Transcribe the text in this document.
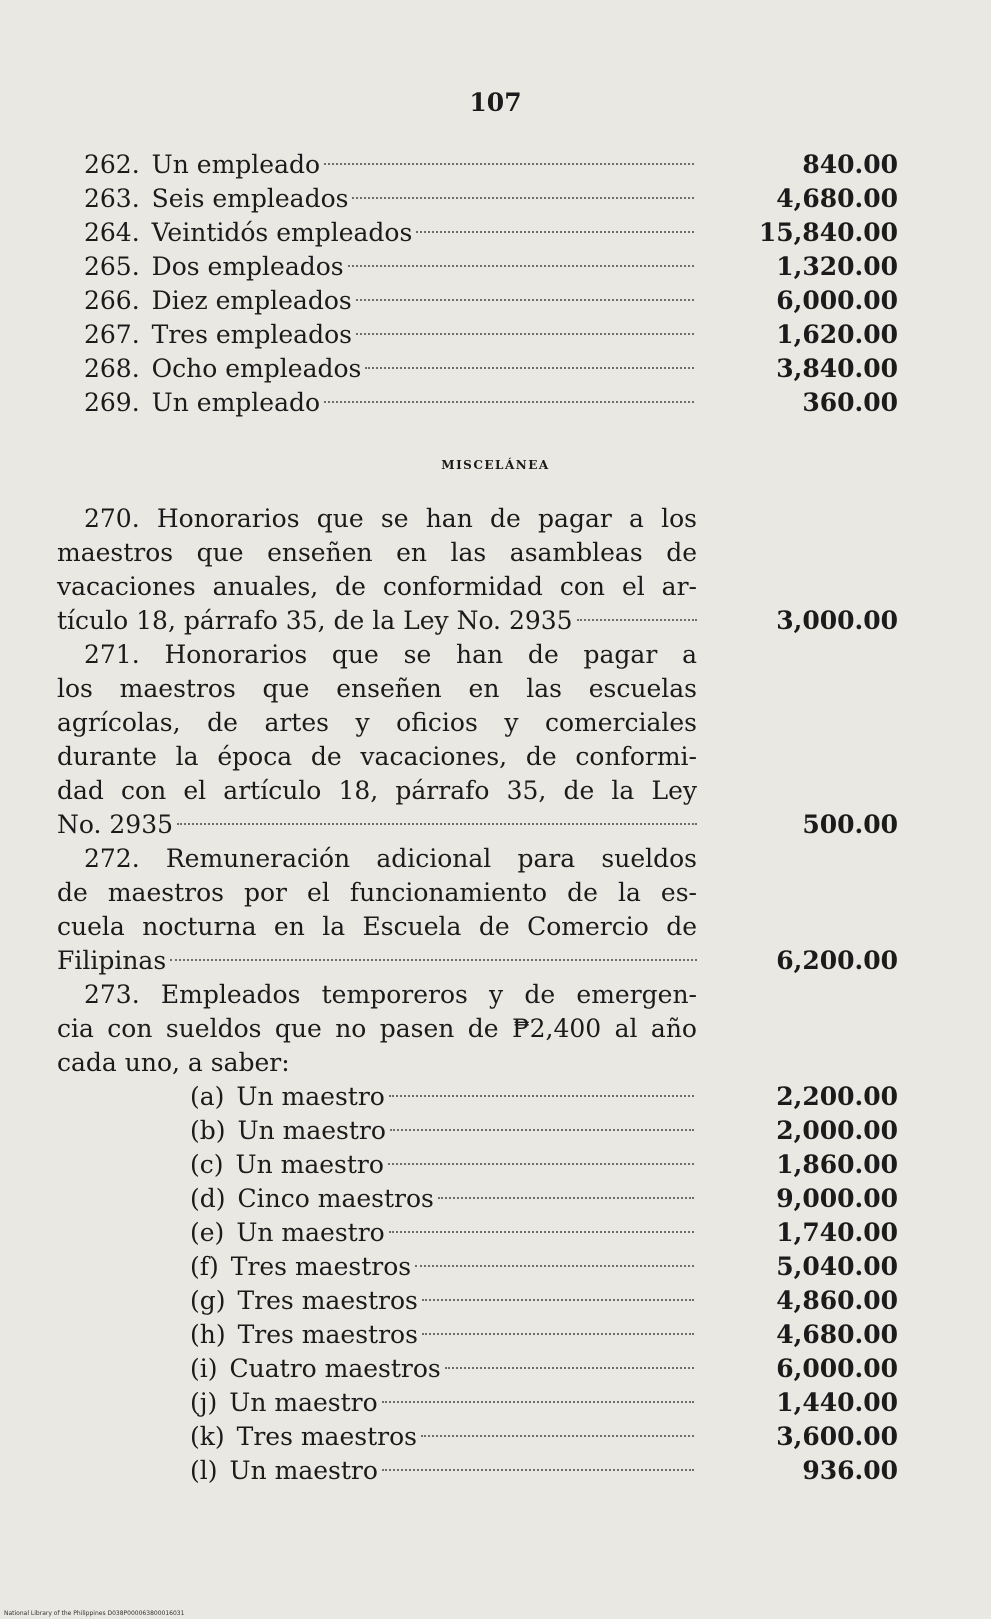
107
262. Un empleado	840.00
263. Seis empleados	4,680.00
264. Veintidós empleados	15,840.00
265. Dos empleados	1,320.00
266. Diez empleados	6,000.00
267. Tres empleados	1,620.00
268. Ocho empleados	3,840.00
269. Un empleado	360.00
MISCELÁNEA
270. Honorarios que se han de pagar a los
maestros que enseñen en las asambleas de
vacaciones anuales, de conformidad con el ar-
tículo 18, párrafo 35, de la Ley No. 2935	3,000.00
271. Honorarios que se han de pagar a
los maestros que enseñen en las escuelas
agrícolas, de artes y oficios y comerciales
durante la época de vacaciones, de conformi-
dad con el artículo 18, párrafo 35, de la Ley
No. 2935	500.00
272. Remuneración adicional para sueldos
de maestros por el funcionamiento de la es-
cuela nocturna en la Escuela de Comercio de
Filipinas	6,200.00
273. Empleados temporeros y de emergen-
cia con sueldos que no pasen de ₱2,400 al año
cada uno, a saber:
(a) Un maestro	2,200.00
(b) Un maestro	2,000.00
(c) Un maestro	1,860.00
(d) Cinco maestros	9,000.00
(e) Un maestro	1,740.00
(f) Tres maestros	5,040.00
(g) Tres maestros	4,860.00
(h) Tres maestros	4,680.00
(i) Cuatro maestros	6,000.00
(j) Un maestro	1,440.00
(k) Tres maestros	3,600.00
(l) Un maestro	936.00
National Library of the Philippines D038P000063800016031
